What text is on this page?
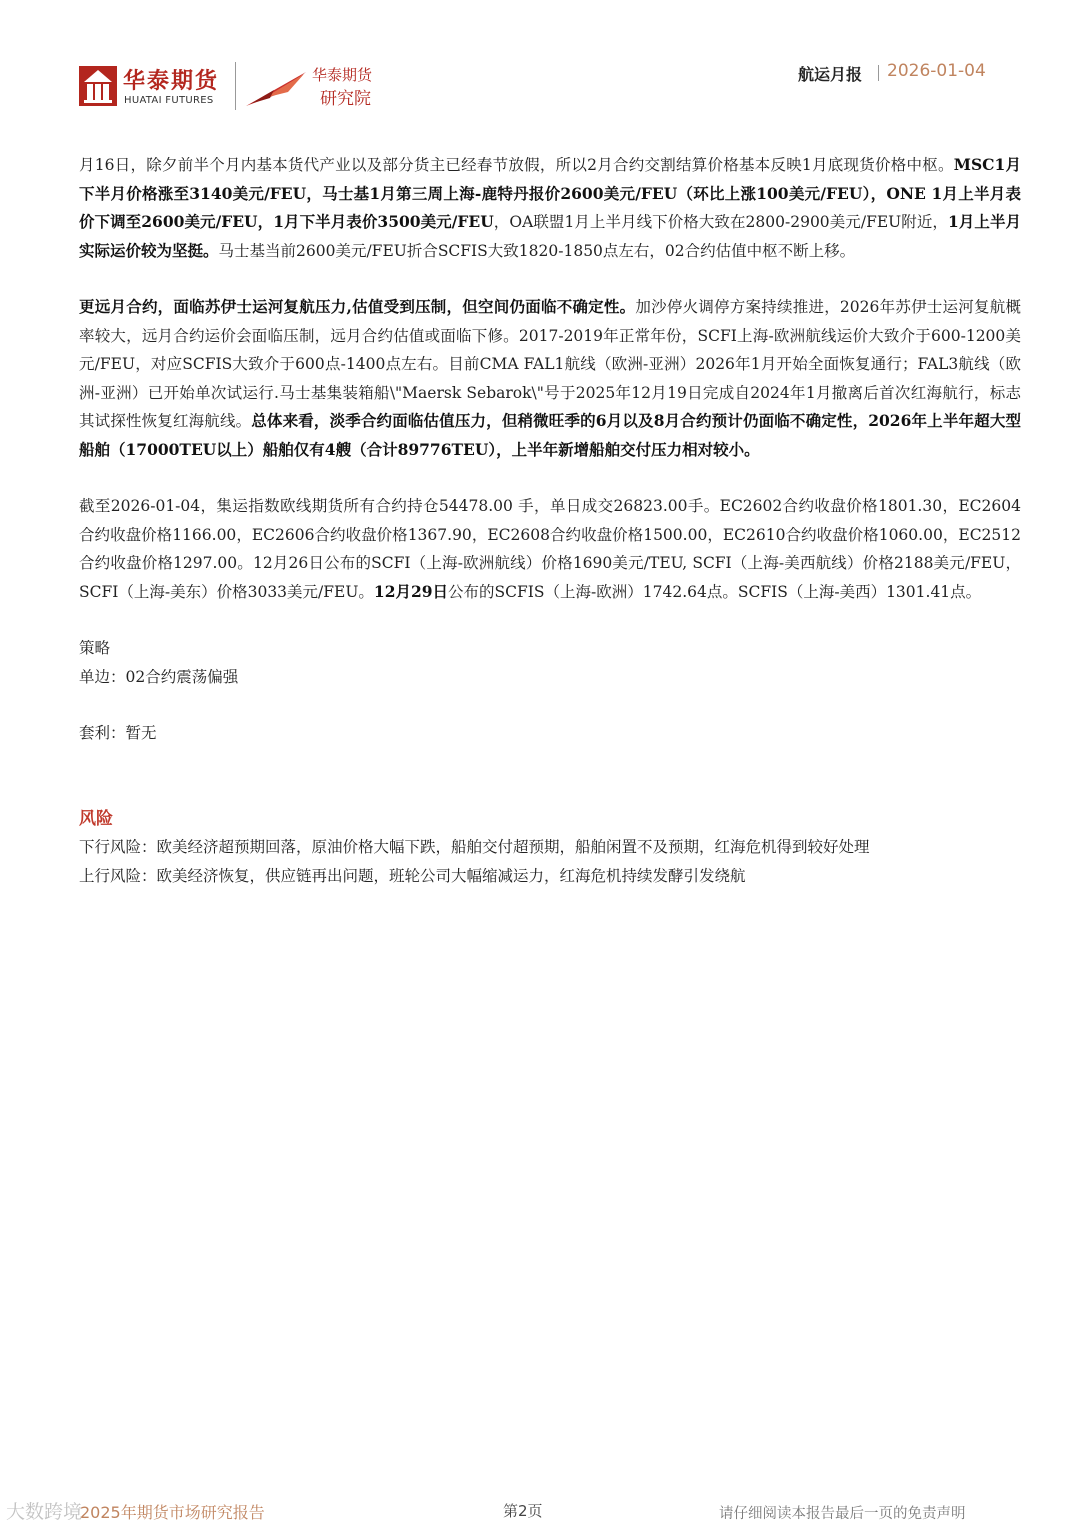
华泰期货
HUATAI FUTURES
华泰期货
研究院
航运月报 2026-01-04

月16日，除夕前半个月内基本货代产业以及部分货主已经春节放假，所以2月合约交割结算价格基本反映1月底现货价格中枢。MSC1月下半月价格涨至3140美元/FEU，马士基1月第三周上海-鹿特丹报价2600美元/FEU（环比上涨100美元/FEU），ONE 1月上半月表价下调至2600美元/FEU，1月下半月表价3500美元/FEU，OA联盟1月上半月线下价格大致在2800-2900美元/FEU附近，1月上半月实际运价较为坚挺。马士基当前2600美元/FEU折合SCFIS大致1820-1850点左右，02合约估值中枢不断上移。

更远月合约，面临苏伊士运河复航压力,估值受到压制，但空间仍面临不确定性。加沙停火调停方案持续推进，2026年苏伊士运河复航概率较大，远月合约运价会面临压制，远月合约估值或面临下修。2017-2019年正常年份，SCFI上海-欧洲航线运价大致介于600-1200美元/FEU，对应SCFIS大致介于600点-1400点左右。目前CMA FAL1航线（欧洲-亚洲）2026年1月开始全面恢复通行；FAL3航线（欧洲-亚洲）已开始单次试运行.马士基集装箱船\"Maersk Sebarok\"号于2025年12月19日完成自2024年1月撤离后首次红海航行，标志其试探性恢复红海航线。总体来看，淡季合约面临估值压力，但稍微旺季的6月以及8月合约预计仍面临不确定性，2026年上半年超大型船舶（17000TEU以上）船舶仅有4艘（合计89776TEU），上半年新增船舶交付压力相对较小。

截至2026-01-04，集运指数欧线期货所有合约持仓54478.00 手，单日成交26823.00手。EC2602合约收盘价格1801.30，EC2604合约收盘价格1166.00，EC2606合约收盘价格1367.90，EC2608合约收盘价格1500.00，EC2610合约收盘价格1060.00，EC2512合约收盘价格1297.00。12月26日公布的SCFI（上海-欧洲航线）价格1690美元/TEU, SCFI（上海-美西航线）价格2188美元/FEU，SCFI（上海-美东）价格3033美元/FEU。12月29日公布的SCFIS（上海-欧洲）1742.64点。SCFIS（上海-美西）1301.41点。

策略

单边：02合约震荡偏强

套利：暂无

风险

下行风险：欧美经济超预期回落，原油价格大幅下跌，船舶交付超预期，船舶闲置不及预期，红海危机得到较好处理

上行风险：欧美经济恢复，供应链再出问题，班轮公司大幅缩减运力，红海危机持续发酵引发绕航

大数跨境
2025年期货市场研究报告	第2页	请仔细阅读本报告最后一页的免责声明
